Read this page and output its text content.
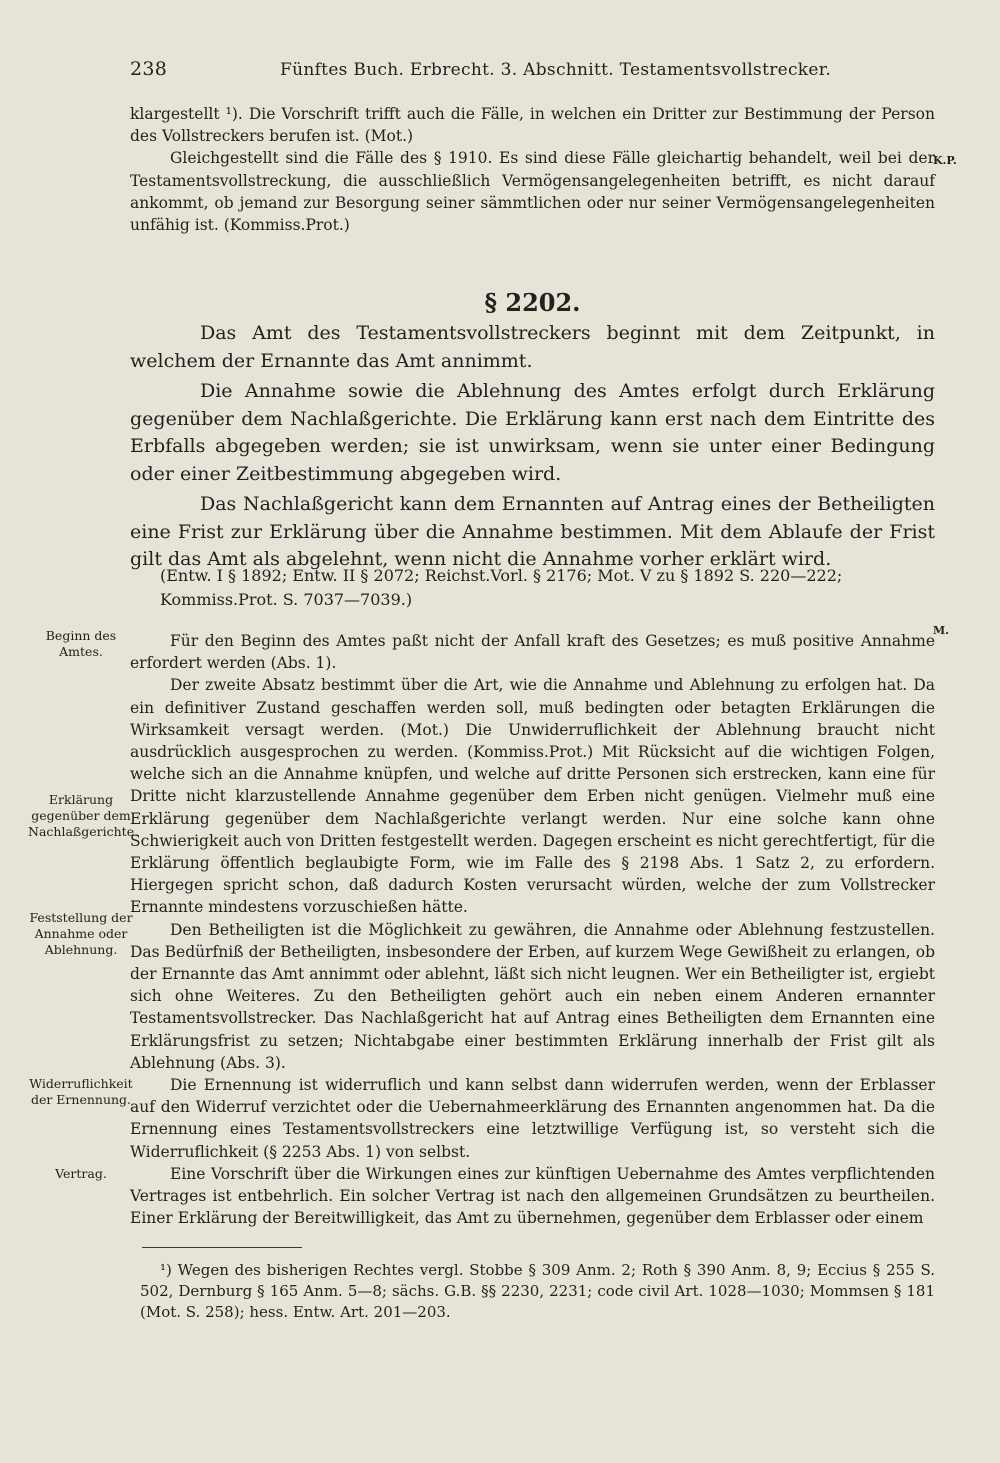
238	Fünftes Buch. Erbrecht. 3. Abschnitt. Testamentsvollstrecker.

klargestellt ¹). Die Vorschrift trifft auch die Fälle, in welchen ein Dritter zur Bestimmung der Person des Vollstreckers berufen ist. (Mot.)

Gleichgestellt sind die Fälle des § 1910. Es sind diese Fälle gleichartig behandelt, weil bei der Testamentsvollstreckung, die ausschließlich Vermögensangelegenheiten betrifft, es nicht darauf ankommt, ob jemand zur Besorgung seiner sämmtlichen oder nur seiner Vermögensangelegenheiten unfähig ist. (Kommiss.Prot.)

K.P.
§ 2202.

Das Amt des Testamentsvollstreckers beginnt mit dem Zeitpunkt, in welchem der Ernannte das Amt annimmt.

Die Annahme sowie die Ablehnung des Amtes erfolgt durch Erklärung gegenüber dem Nachlaßgerichte. Die Erklärung kann erst nach dem Eintritte des Erbfalls abgegeben werden; sie ist unwirksam, wenn sie unter einer Bedingung oder einer Zeitbestimmung abgegeben wird.

Das Nachlaßgericht kann dem Ernannten auf Antrag eines der Betheiligten eine Frist zur Erklärung über die Annahme bestimmen. Mit dem Ablaufe der Frist gilt das Amt als abgelehnt, wenn nicht die Annahme vorher erklärt wird.

(Entw. I § 1892; Entw. II § 2072; Reichst.Vorl. § 2176; Mot. V zu § 1892 S. 220—222; Kommiss.Prot. S. 7037—7039.)
Beginn des Amtes.
Erklärung gegenüber dem Nachlaßgerichte.
Feststellung der Annahme oder Ablehnung.
Widerruflichkeit der Ernennung.
Vertrag.
M.

Für den Beginn des Amtes paßt nicht der Anfall kraft des Gesetzes; es muß positive Annahme erfordert werden (Abs. 1).

Der zweite Absatz bestimmt über die Art, wie die Annahme und Ablehnung zu erfolgen hat. Da ein definitiver Zustand geschaffen werden soll, muß bedingten oder betagten Erklärungen die Wirksamkeit versagt werden. (Mot.) Die Unwiderruflichkeit der Ablehnung braucht nicht ausdrücklich ausgesprochen zu werden. (Kommiss.Prot.) Mit Rücksicht auf die wichtigen Folgen, welche sich an die Annahme knüpfen, und welche auf dritte Personen sich erstrecken, kann eine für Dritte nicht klarzustellende Annahme gegenüber dem Erben nicht genügen. Vielmehr muß eine Erklärung gegenüber dem Nachlaßgerichte verlangt werden. Nur eine solche kann ohne Schwierigkeit auch von Dritten festgestellt werden. Dagegen erscheint es nicht gerechtfertigt, für die Erklärung öffentlich beglaubigte Form, wie im Falle des § 2198 Abs. 1 Satz 2, zu erfordern. Hiergegen spricht schon, daß dadurch Kosten verursacht würden, welche der zum Vollstrecker Ernannte mindestens vorzuschießen hätte.

Den Betheiligten ist die Möglichkeit zu gewähren, die Annahme oder Ablehnung festzustellen. Das Bedürfniß der Betheiligten, insbesondere der Erben, auf kurzem Wege Gewißheit zu erlangen, ob der Ernannte das Amt annimmt oder ablehnt, läßt sich nicht leugnen. Wer ein Betheiligter ist, ergiebt sich ohne Weiteres. Zu den Betheiligten gehört auch ein neben einem Anderen ernannter Testamentsvollstrecker. Das Nachlaßgericht hat auf Antrag eines Betheiligten dem Ernannten eine Erklärungsfrist zu setzen; Nichtabgabe einer bestimmten Erklärung innerhalb der Frist gilt als Ablehnung (Abs. 3).

Die Ernennung ist widerruflich und kann selbst dann widerrufen werden, wenn der Erblasser auf den Widerruf verzichtet oder die Uebernahmeerklärung des Ernannten angenommen hat. Da die Ernennung eines Testamentsvollstreckers eine letztwillige Verfügung ist, so versteht sich die Widerruflichkeit (§ 2253 Abs. 1) von selbst.

Eine Vorschrift über die Wirkungen eines zur künftigen Uebernahme des Amtes verpflichtenden Vertrages ist entbehrlich. Ein solcher Vertrag ist nach den allgemeinen Grundsätzen zu beurtheilen. Einer Erklärung der Bereitwilligkeit, das Amt zu übernehmen, gegenüber dem Erblasser oder einem

¹) Wegen des bisherigen Rechtes vergl. Stobbe § 309 Anm. 2; Roth § 390 Anm. 8, 9; Eccius § 255 S. 502, Dernburg § 165 Anm. 5—8; sächs. G.B. §§ 2230, 2231; code civil Art. 1028—1030; Mommsen § 181 (Mot. S. 258); hess. Entw. Art. 201—203.
